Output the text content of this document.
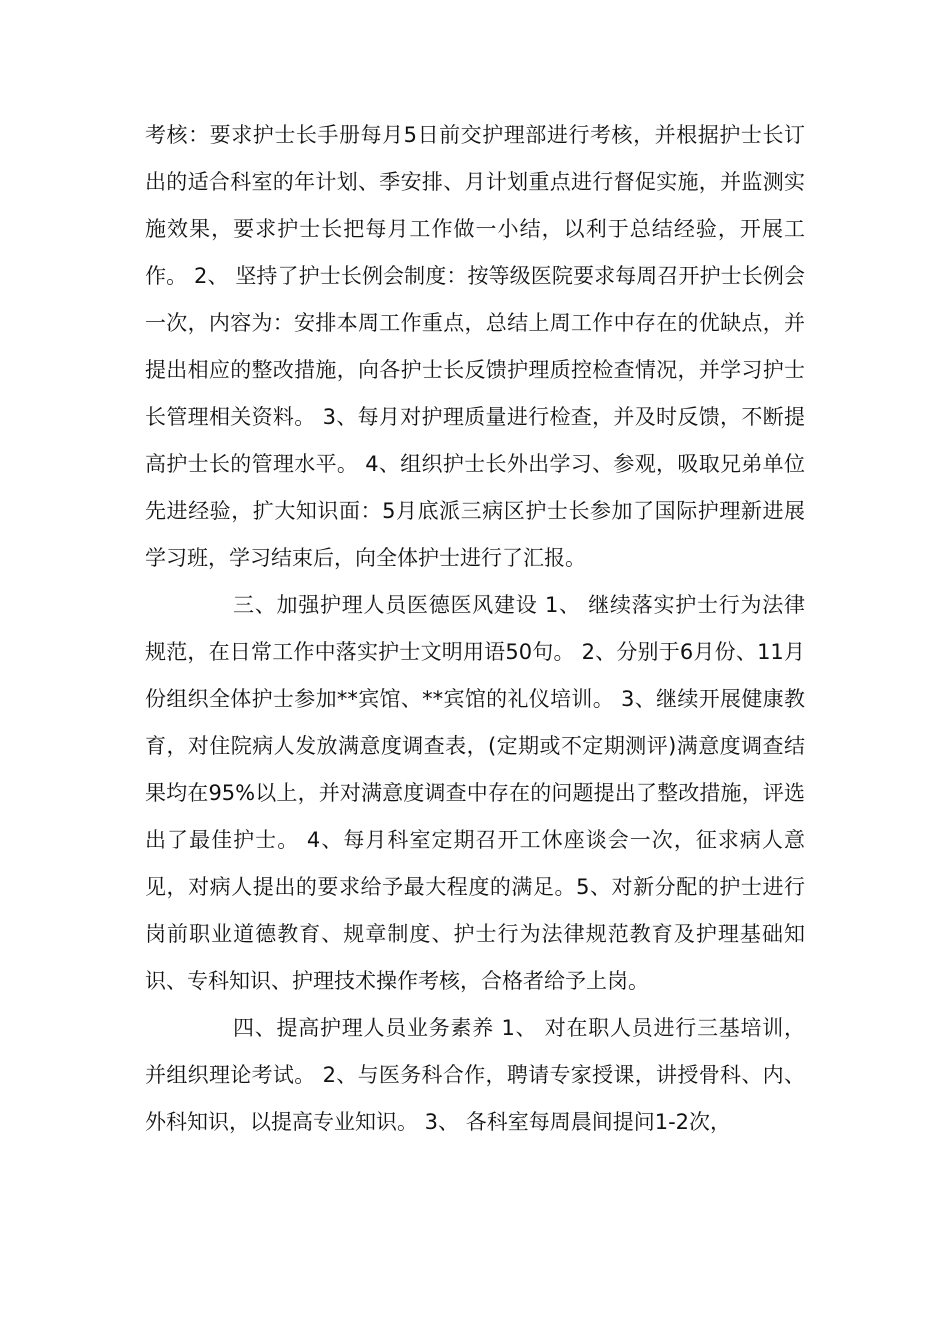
考核：要求护士长手册每月5日前交护理部进行考核，并根据护士长订出的适合科室的年计划、季安排、月计划重点进行督促实施，并监测实施效果，要求护士长把每月工作做一小结，以利于总结经验，开展工作。 2、 坚持了护士长例会制度：按等级医院要求每周召开护士长例会一次，内容为：安排本周工作重点，总结上周工作中存在的优缺点，并提出相应的整改措施，向各护士长反馈护理质控检查情况，并学习护士长管理相关资料。 3、每月对护理质量进行检查，并及时反馈，不断提高护士长的管理水平。 4、组织护士长外出学习、参观，吸取兄弟单位先进经验，扩大知识面：5月底派三病区护士长参加了国际护理新进展学习班，学习结束后，向全体护士进行了汇报。

三、加强护理人员医德医风建设 1、 继续落实护士行为法律规范，在日常工作中落实护士文明用语50句。 2、分别于6月份、11月份组织全体护士参加**宾馆、**宾馆的礼仪培训。 3、继续开展健康教育，对住院病人发放满意度调查表，(定期或不定期测评)满意度调查结果均在95%以上，并对满意度调查中存在的问题提出了整改措施，评选出了最佳护士。 4、每月科室定期召开工休座谈会一次，征求病人意见，对病人提出的要求给予最大程度的满足。5、对新分配的护士进行岗前职业道德教育、规章制度、护士行为法律规范教育及护理基础知识、专科知识、护理技术操作考核，合格者给予上岗。

四、提高护理人员业务素养 1、 对在职人员进行三基培训，并组织理论考试。 2、与医务科合作，聘请专家授课，讲授骨科、内、外科知识，以提高专业知识。 3、 各科室每周晨间提问1-2次，
